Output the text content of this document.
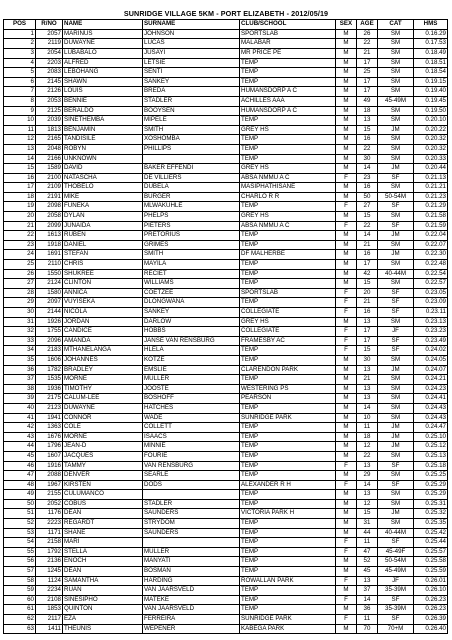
SUNRIDGE VILLAGE 5KM - PORT ELIZABETH - 2012/05/19
POS	R/NO	NAME	SURNAME	CLUB/SCHOOL	SEX	AGE	CAT	HMS
1	2057	MARINUS	JOHNSON	SPORTSLAB	M	26	SM	0.16.29
2	2119	DUWAYNE	LUCAS	MALABAR	M	22	SM	0.17.53
3	2054	LUBABALO	JUSAYI	MR PRICE PE	M	21	SM	0.18.49
4	2203	ALFRED	LETSIE	TEMP	M	17	SM	0.18.51
5	2083	LEBOHANG	SENTI	TEMP	M	25	SM	0.18.54
6	2145	SHAWN	SANKEY	TEMP	M	17	SM	0.19.15
7	2126	LOUIS	BREDA	HUMANSDORP A C	M	17	SM	0.19.40
8	2053	BENNIE	STADLER	ACHILLES AAA	M	49	45-49M	0.19.45
9	2125	BERALDO	BOOYSEN	HUMANSDORP A C	M	18	SM	0.19.50
10	2039	SINETHEMBA	MIPELE	TEMP	M	13	SM	0.20.10
11	1813	BENJAMIN	SMITH	GREY HS	M	15	JM	0.20.22
12	2165	TANDISILE	XOSHOMBA	TEMP	M	16	SM	0.20.32
13	2048	ROBYN	PHILLIPS	TEMP	M	22	SM	0.20.32
14	2166	UNKNOWN		TEMP	M	30	SM	0.20.33
15	1589	DAVID	BAKER EFFENDI	GREY HS	M	14	JM	0.20.44
16	2100	NATASCHA	DE VILLIERS	ABSA NMMU A C	F	23	SF	0.21.13
17	2109	THOBELO	DUBELA	MASIPHATHISANE	M	16	SM	0.21.21
18	2191	MIKE	BURGER	CHARLO R R	M	50	50-54M	0.21.23
19	2098	FUNEKA	MLWAKUHLE	TEMP	F	27	SF	0.21.29
20	2058	DYLAN	PHELPS	GREY HS	M	15	SM	0.21.58
21	2099	JUNAIDA	PIETERS	ABSA NMMU A C	F	22	SF	0.21.59
22	1613	RUBEN	PRETORIUS	TEMP	M	14	JM	0.22.04
23	1918	DANIEL	GRIMES	TEMP	M	21	SM	0.22.07
24	1691	STEFAN	SMITH	DF MALHERBE	M	16	JM	0.22.30
25	2110	CHRIS	MAYILA	TEMP	M	17	SM	0.22.48
26	1550	SHUKREE	RECIET	TEMP	M	42	40-44M	0.22.54
27	2124	CLINTON	WILLIAMS	TEMP	M	15	SM	0.22.57
28	1580	ANNICA	COETZEE	SPORTSLAB	F	20	SF	0.23.05
29	2097	VUYISEKA	DLONGWANA	TEMP	F	21	SF	0.23.09
30	2144	NICOLA	SANKEY	COLLEGIATE	F	16	SF	0.23.11
31	1926	JORDAN	DARLOW	GREY HS	M	13	SM	0.23.13
32	1755	CANDICE	HOBBS	COLLEGIATE	F	17	JF	0.23.23
33	2096	AMANDA	JANSE VAN RENSBURG	FRAMESBY AC	F	17	SF	0.23.49
34	2183	MTHANELANGA	HLELA	TEMP	F	15	SF	0.24.02
35	1606	JOHANNES	KOTZE	TEMP	M	30	SM	0.24.05
36	1782	BRADLEY	EMSLIE	CLARENDON PARK	M	13	JM	0.24.07
37	1535	MORNE	MULLER	TEMP	M	21	SM	0.24.21
38	1936	TIMOTHY	JOOSTE	WESTERING PS	M	13	SM	0.24.23
39	2175	CALUM-LEE	BOSHOFF	PEARSON	M	13	SM	0.24.41
40	2123	DUWAYNE	HATCHES	TEMP	M	14	SM	0.24.43
41	1941	CONNOR	WADE	SUNRIDGE PARK	M	10	SM	0.24.43
42	1363	COLE	COLLETT	TEMP	M	11	JM	0.24.47
43	1676	MORNE	ISAACS	TEMP	M	18	JM	0.25.10
44	1796	JEAN-D	MINNIE	TEMP	M	12	JM	0.25.12
45	1607	JACQUES	FOURIE	TEMP	M	22	SM	0.25.13
46	1916	TAMMY	VAN RENSBURG	TEMP	F	13	SF	0.25.18
47	2088	DENVER	SEARLE	TEMP	M	29	SM	0.25.25
48	1967	KIRSTEN	DODS	ALEXANDER R H	F	14	SF	0.25.29
49	2155	CULUMANCO		TEMP	M	13	SM	0.25.29
50	2052	COBUS	STADLER	TEMP	M	12	SM	0.25.31
51	1176	DEAN	SAUNDERS	VICTORIA PARK H	M	15	JM	0.25.32
52	2223	REGARDT	STRYDOM	TEMP	M	31	SM	0.25.35
53	1171	SHANE	SAUNDERS	TEMP	M	44	40-44M	0.25.42
54	2158	MARI		TEMP	F	11	SF	0.25.44
55	1792	STELLA	MULLER	TEMP	F	47	45-49F	0.25.57
56	2136	ENOCH	MANYATI	TEMP	M	52	50-54M	0.25.58
57	1245	DEAN	BOSMAN	TEMP	M	45	45-49M	0.25.59
58	1124	SAMANTHA	HARDING	ROWALLAN PARK	F	13	JF	0.26.01
59	2234	RUAN	VAN JAARSVELD	TEMP	M	37	35-39M	0.26.10
60	2108	SINESIPHO	MATEKE	TEMP	F	14	SF	0.26.23
61	1853	QUINTON	VAN JAARSVELD	TEMP	M	36	35-39M	0.26.23
62	2117	EZA	FERREIRA	SUNRIDGE PARK	F	11	SF	0.26.39
63	1411	THEUNIS	WEPENER	KABEGA PARK	M	70	70+M	0.26.40
